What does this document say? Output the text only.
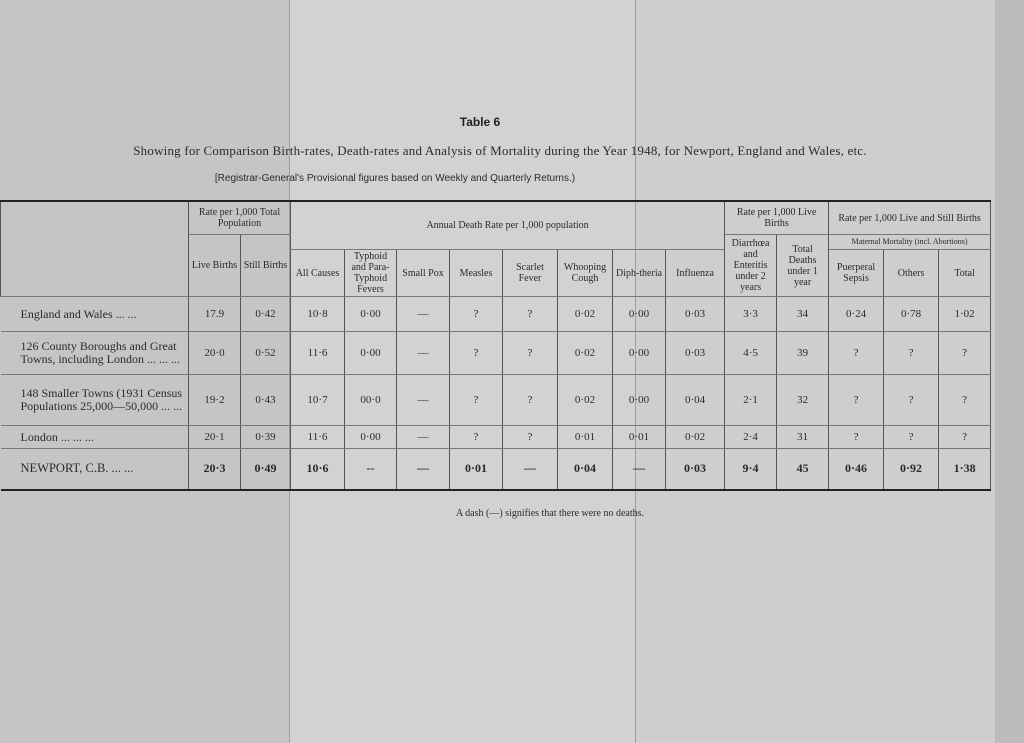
Table 6
Showing for Comparison Birth-rates, Death-rates and Analysis of Mortality during the Year 1948, for Newport, England and Wales, etc.
[Registrar-General's Provisional figures based on Weekly and Quarterly Returns.)
	Rate per 1,000 Total Population		Annual Death Rate per 1,000 population								Rate per 1,000 Live Births		Rate per 1,000 Live and Still Births		
	Live Births	Still Births									Diarrhœa and Enteritis under 2 years	Total Deaths under 1 year	Maternal Mortality (incl. Abortions)		
			All Causes	Typhoid and Para-Typhoid Fevers	Small Pox	Measles	Scarlet Fever	Whooping Cough	Diph-theria	Influenza			Puerperal Sepsis	Others	Total
England and Wales ... ...	17.9	0·42	10·8	0·00	—	?	?	0·02	0·00	0·03	3·3	34	0·24	0·78	1·02
126 County Boroughs and Great Towns, including London ... ... ...	20·0	0·52	11·6	0·00	—	?	?	0·02	0·00	0·03	4·5	39	?	?	?
148 Smaller Towns (1931 Census Populations 25,000—50,000 ... ...	19·2	0·43	10·7	00·0	—	?	?	0·02	0·00	0·04	2·1	32	?	?	?
London ... ... ...	20·1	0·39	11·6	0·00	—	?	?	0·01	0·01	0·02	2·4	31	?	?	?
NEWPORT, C.B. ... ...	20·3	0·49	10·6	--	—	0·01	—	0·04	—	0·03	9·4	45	0·46	0·92	1·38
A dash (—) signifies that there were no deaths.
